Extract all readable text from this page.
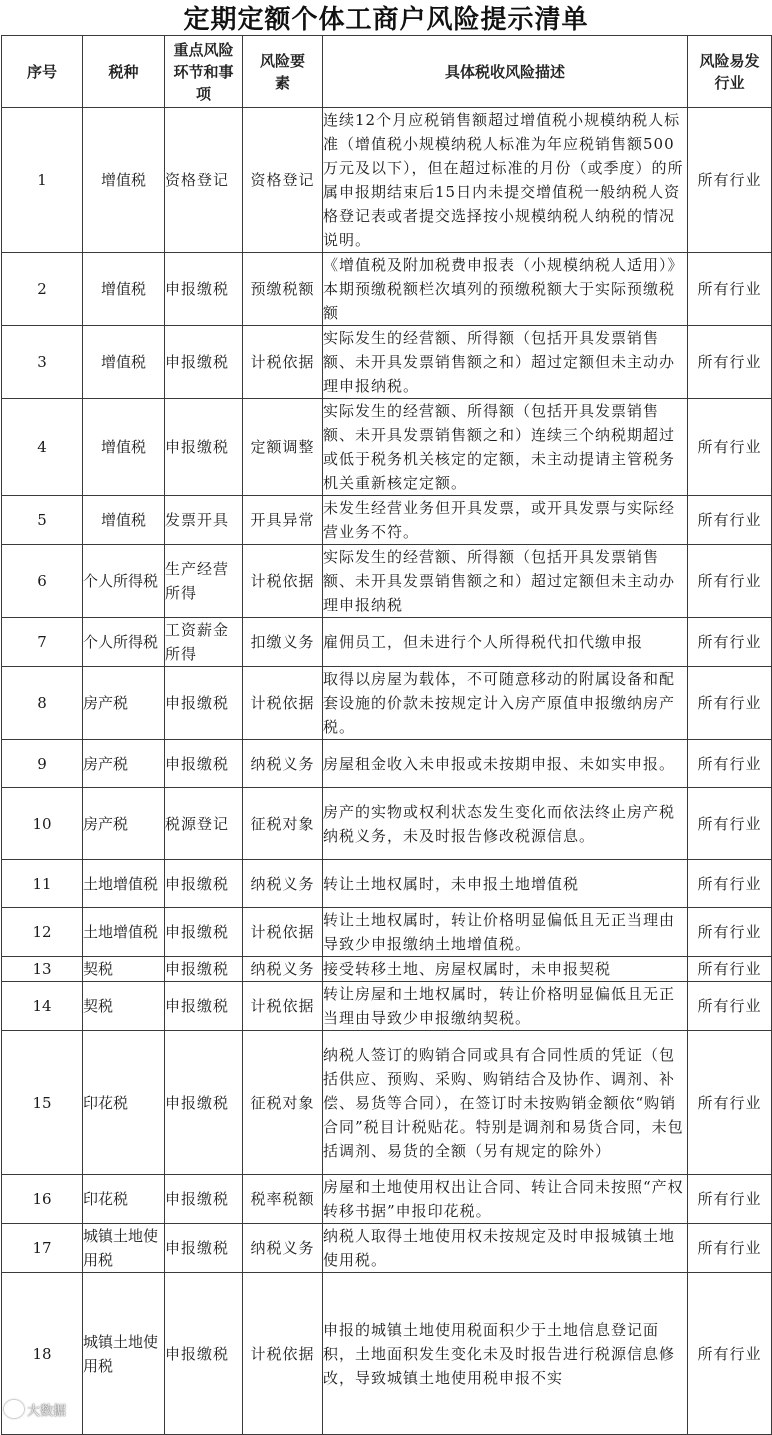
定期定额个体工商户风险提示清单
序号	税种	重点风险环节和事项	风险要素	具体税收风险描述	风险易发行业
1	增值税	资格登记	资格登记	连续12个月应税销售额超过增值税小规模纳税人标准（增值税小规模纳税人标准为年应税销售额500万元及以下），但在超过标准的月份（或季度）的所属申报期结束后15日内未提交增值税一般纳税人资格登记表或者提交选择按小规模纳税人纳税的情况说明。	所有行业
2	增值税	申报缴税	预缴税额	《增值税及附加税费申报表（小规模纳税人适用）》本期预缴税额栏次填列的预缴税额大于实际预缴税额	所有行业
3	增值税	申报缴税	计税依据	实际发生的经营额、所得额（包括开具发票销售额、未开具发票销售额之和）超过定额但未主动办理申报纳税。	所有行业
4	增值税	申报缴税	定额调整	实际发生的经营额、所得额（包括开具发票销售额、未开具发票销售额之和）连续三个纳税期超过或低于税务机关核定的定额，未主动提请主管税务机关重新核定定额。	所有行业
5	增值税	发票开具	开具异常	未发生经营业务但开具发票，或开具发票与实际经营业务不符。	所有行业
6	个人所得税	生产经营所得	计税依据	实际发生的经营额、所得额（包括开具发票销售额、未开具发票销售额之和）超过定额但未主动办理申报纳税	所有行业
7	个人所得税	工资薪金所得	扣缴义务	雇佣员工，但未进行个人所得税代扣代缴申报	所有行业
8	房产税	申报缴税	计税依据	取得以房屋为载体，不可随意移动的附属设备和配套设施的价款未按规定计入房产原值申报缴纳房产税。	所有行业
9	房产税	申报缴税	纳税义务	房屋租金收入未申报或未按期申报、未如实申报。	所有行业
10	房产税	税源登记	征税对象	房产的实物或权利状态发生变化而依法终止房产税纳税义务，未及时报告修改税源信息。	所有行业
11	土地增值税	申报缴税	纳税义务	转让土地权属时，未申报土地增值税	所有行业
12	土地增值税	申报缴税	计税依据	转让土地权属时，转让价格明显偏低且无正当理由导致少申报缴纳土地增值税。	所有行业
13	契税	申报缴税	纳税义务	接受转移土地、房屋权属时，未申报契税	所有行业
14	契税	申报缴税	计税依据	转让房屋和土地权属时，转让价格明显偏低且无正当理由导致少申报缴纳契税。	所有行业
15	印花税	申报缴税	征税对象	纳税人签订的购销合同或具有合同性质的凭证（包括供应、预购、采购、购销结合及协作、调剂、补偿、易货等合同），在签订时未按购销金额依“购销合同”税目计税贴花。特别是调剂和易货合同，未包括调剂、易货的全额（另有规定的除外）	所有行业
16	印花税	申报缴税	税率税额	房屋和土地使用权出让合同、转让合同未按照“产权转移书据”申报印花税。	所有行业
17	城镇土地使用税	申报缴税	纳税义务	纳税人取得土地使用权未按规定及时申报城镇土地使用税。	所有行业
18	城镇土地使用税	申报缴税	计税依据	申报的城镇土地使用税面积少于土地信息登记面积，土地面积发生变化未及时报告进行税源信息修改，导致城镇土地使用税申报不实	所有行业
大数据
